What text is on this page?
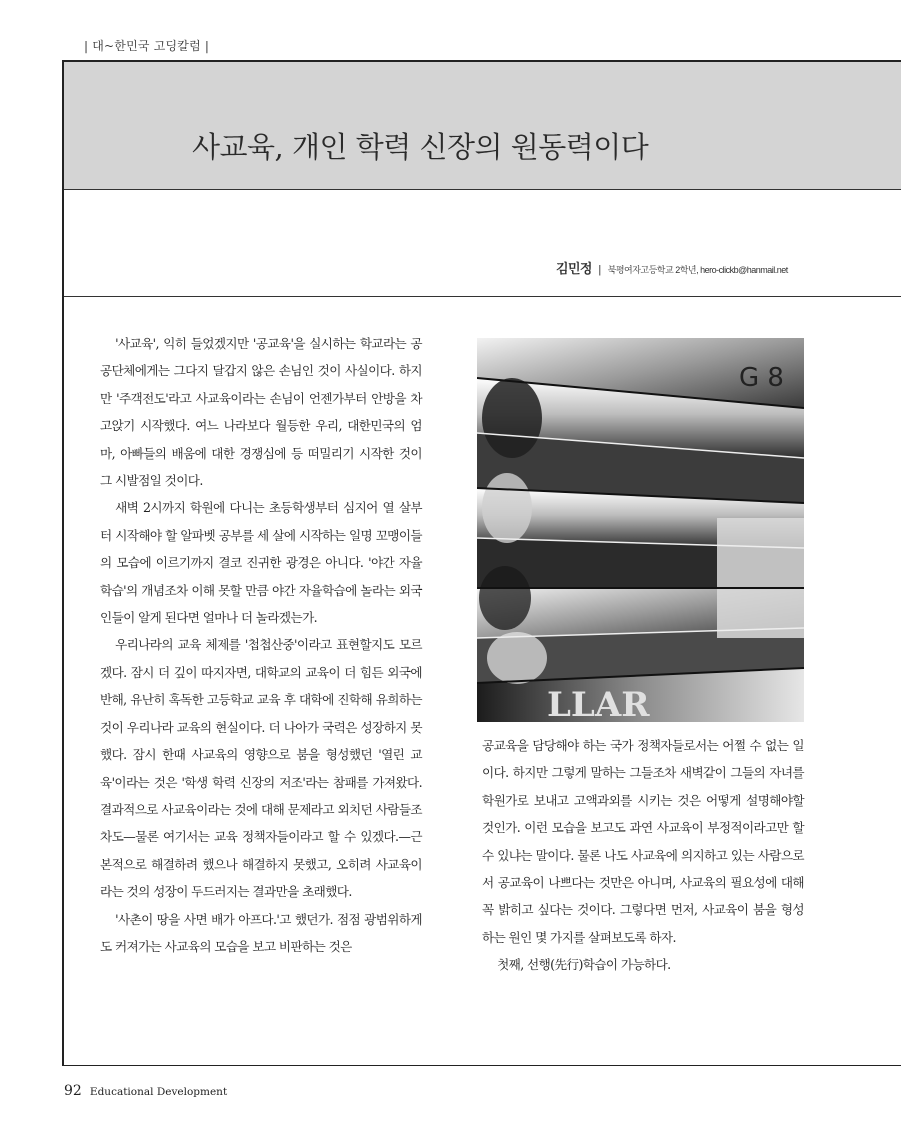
| 대~한민국 고딩칼럼 |
사교육, 개인 학력 신장의 원동력이다
김민정 | 북평여자고등학교 2학년, hero-clickb@hanmail.net

'사교육', 익히 들었겠지만 '공교육'을 실시하는 학교라는 공공단체에게는 그다지 달갑지 않은 손님인 것이 사실이다. 하지만 '주객전도'라고 사교육이라는 손님이 언젠가부터 안방을 차고앉기 시작했다. 여느 나라보다 월등한 우리, 대한민국의 엄마, 아빠들의 배움에 대한 경쟁심에 등 떠밀리기 시작한 것이 그 시발점일 것이다.

새벽 2시까지 학원에 다니는 초등학생부터 심지어 열 살부터 시작해야 할 알파벳 공부를 세 살에 시작하는 일명 꼬맹이들의 모습에 이르기까지 결코 진귀한 광경은 아니다. '야간 자율학습'의 개념조차 이해 못할 만큼 야간 자율학습에 놀라는 외국인들이 알게 된다면 얼마나 더 놀라겠는가.

우리나라의 교육 체제를 '첩첩산중'이라고 표현할지도 모르겠다. 잠시 더 깊이 따지자면, 대학교의 교육이 더 힘든 외국에 반해, 유난히 혹독한 고등학교 교육 후 대학에 진학해 유희하는 것이 우리나라 교육의 현실이다. 더 나아가 국력은 성장하지 못했다. 잠시 한때 사교육의 영향으로 붐을 형성했던 '열린 교육'이라는 것은 '학생 학력 신장의 저조'라는 참패를 가져왔다. 결과적으로 사교육이라는 것에 대해 문제라고 외치던 사람들조차도—물론 여기서는 교육 정책자들이라고 할 수 있겠다.—근본적으로 해결하려 했으나 해결하지 못했고, 오히려 사교육이라는 것의 성장이 두드러지는 결과만을 초래했다.

'사촌이 땅을 사면 배가 아프다.'고 했던가. 점점 광범위하게도 커져가는 사교육의 모습을 보고 비판하는 것은

G 8
LLAR

공교육을 담당해야 하는 국가 정책자들로서는 어쩔 수 없는 일이다. 하지만 그렇게 말하는 그들조차 새벽같이 그들의 자녀를 학원가로 보내고 고액과외를 시키는 것은 어떻게 설명해야할 것인가. 이런 모습을 보고도 과연 사교육이 부정적이라고만 할 수 있냐는 말이다. 물론 나도 사교육에 의지하고 있는 사람으로서 공교육이 나쁘다는 것만은 아니며, 사교육의 필요성에 대해 꼭 밝히고 싶다는 것이다. 그렇다면 먼저, 사교육이 붐을 형성하는 원인 몇 가지를 살펴보도록 하자.

첫째, 선행(先行)학습이 가능하다.

92 Educational Development
